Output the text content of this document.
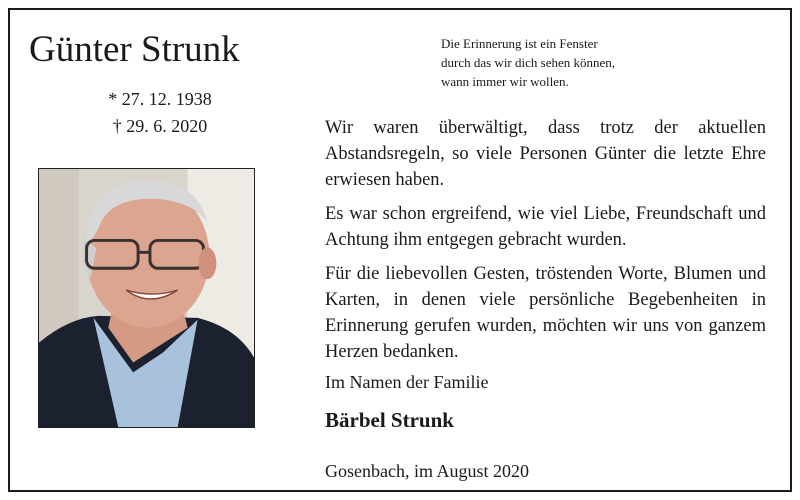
Günter Strunk
* 27. 12. 1938
† 29. 6. 2020
Die Erinnerung ist ein Fenster
durch das wir dich sehen können,
wann immer wir wollen.

Wir waren überwältigt, dass trotz der aktuellen Abstandsregeln, so viele Personen Günter die letzte Ehre erwiesen haben.

Es war schon ergreifend, wie viel Liebe, Freundschaft und Achtung ihm entgegen gebracht wurden.

Für die liebevollen Gesten, tröstenden Worte, Blumen und Karten, in denen viele persönliche Begebenheiten in Erinnerung gerufen wurden, möchten wir uns von ganzem Herzen bedanken.

Im Namen der Familie
Bärbel Strunk
Gosenbach, im August 2020
